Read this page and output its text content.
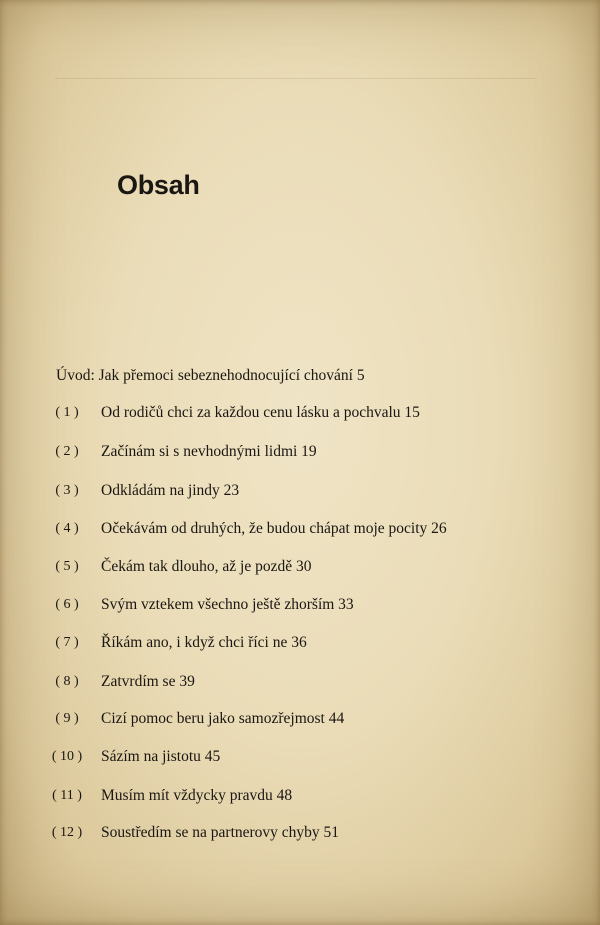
Obsah
Úvod: Jak přemoci sebeznehodnocující chování 5
( 1 )	Od rodičů chci za každou cenu lásku a pochvalu 15
( 2 )	Začínám si s nevhodnými lidmi 19
( 3 )	Odkládám na jindy 23
( 4 )	Očekávám od druhých, že budou chápat moje pocity 26
( 5 )	Čekám tak dlouho, až je pozdě 30
( 6 )	Svým vztekem všechno ještě zhorším 33
( 7 )	Říkám ano, i když chci říci ne 36
( 8 )	Zatvrdím se 39
( 9 )	Cizí pomoc beru jako samozřejmost 44
( 10 )	Sázím na jistotu 45
( 11 )	Musím mít vždycky pravdu 48
( 12 )	Soustředím se na partnerovy chyby 51
